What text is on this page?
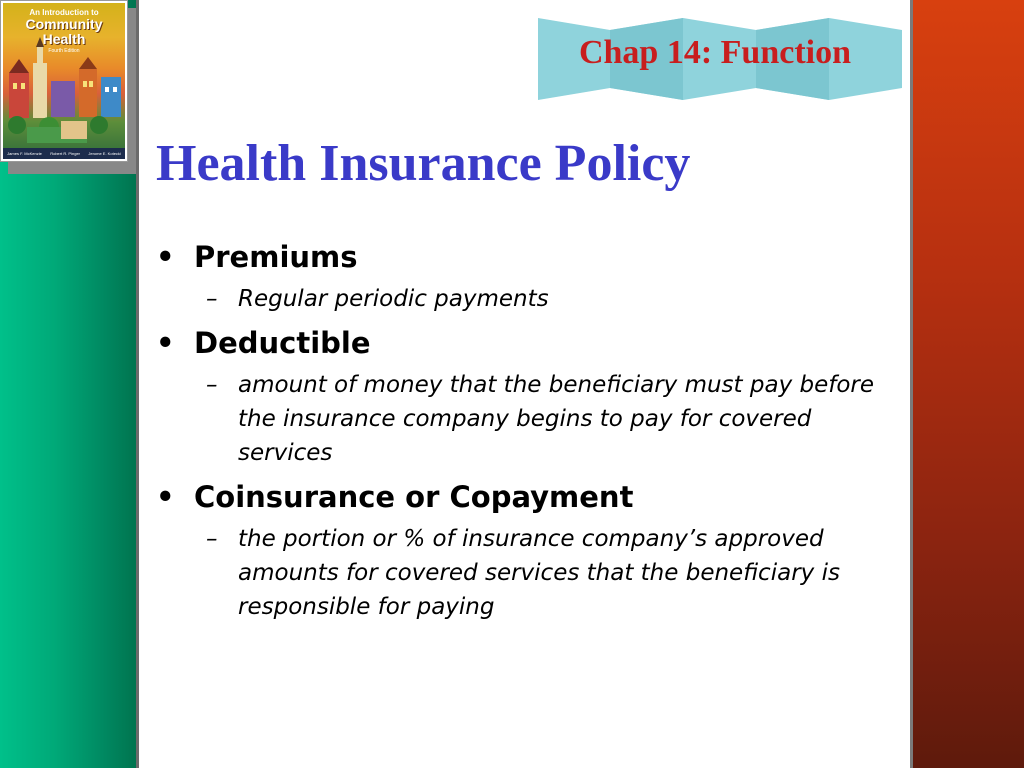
An Introduction to
Community
Health
Fourth Edition
James F. McKenzie Robert R. Pinger Jerome E. Kotecki
Chap 14: Function
Health Insurance Policy
• Premiums
– Regular periodic payments
• Deductible
– amount of money that the beneficiary must pay before the insurance company begins to pay for covered services
• Coinsurance or Copayment
– the portion or % of insurance company’s approved amounts for covered services that the beneficiary is responsible for paying
